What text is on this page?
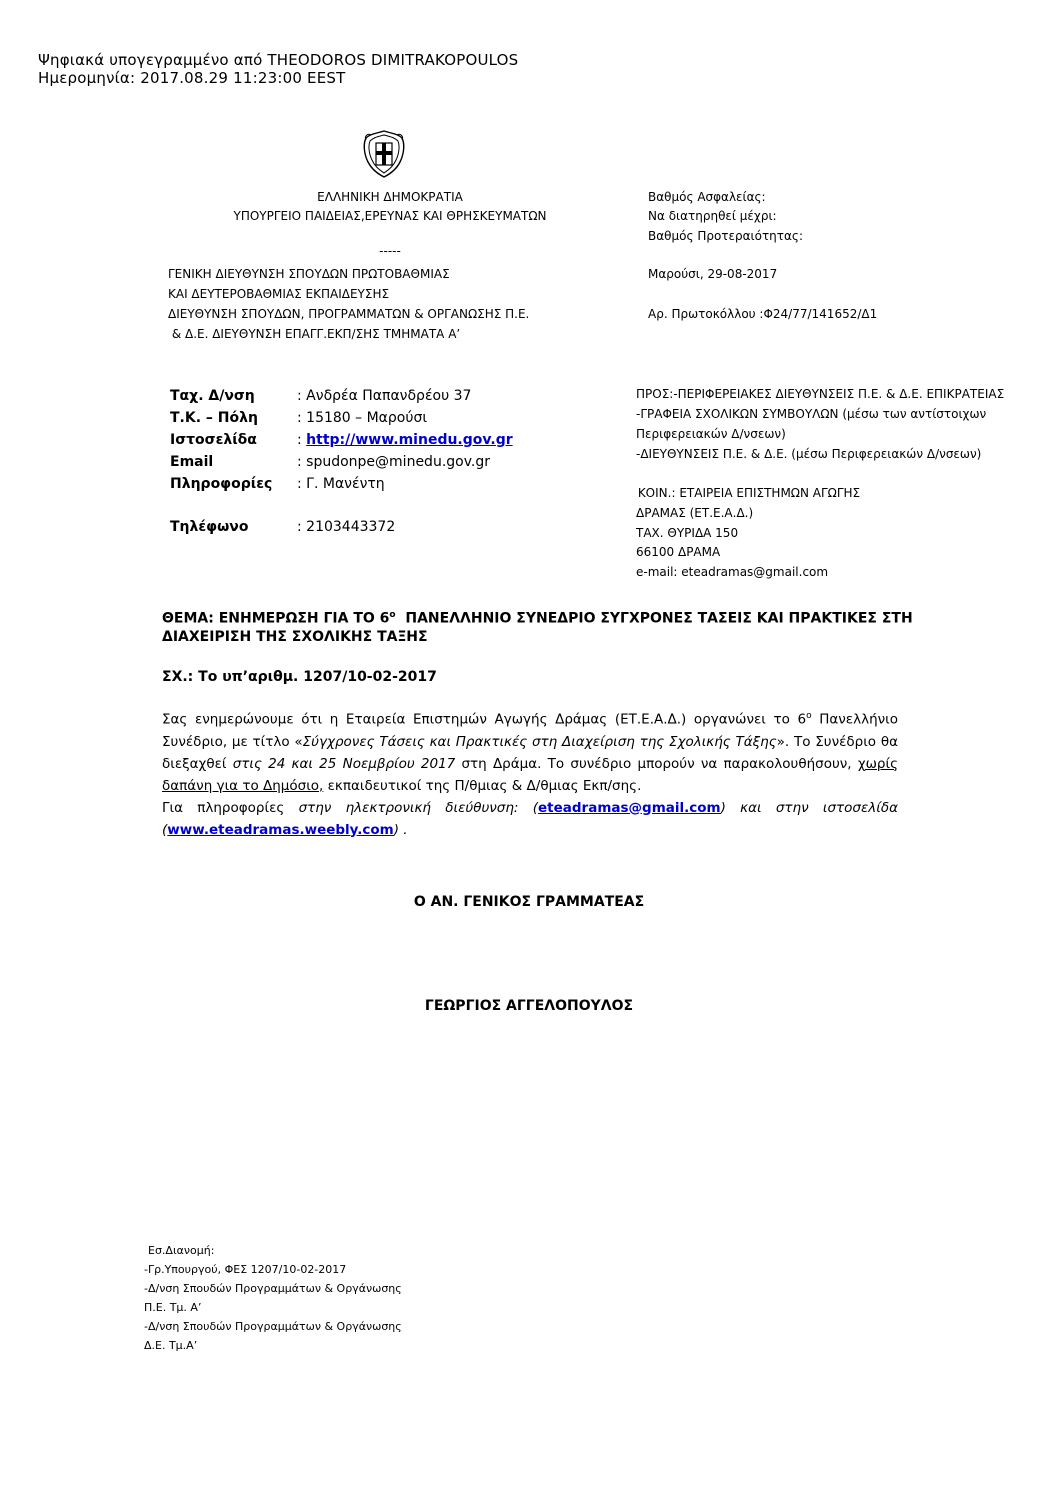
Ψηφιακά υπογεγραμμένο από THEODOROS DIMITRAKOPOULOS
Ημερομηνία: 2017.08.29 11:23:00 EEST
ΕΛΛΗΝΙΚΗ ΔΗΜΟΚΡΑΤΙΑ
ΥΠΟΥΡΓΕΙΟ ΠΑΙΔΕΙΑΣ,ΕΡΕΥΝΑΣ ΚΑΙ ΘΡΗΣΚΕΥΜΑΤΩΝ
-----
ΓΕΝΙΚΗ ΔΙΕΥΘΥΝΣΗ ΣΠΟΥΔΩΝ ΠΡΩΤΟΒΑΘΜΙΑΣ
ΚΑΙ ΔΕΥΤΕΡΟΒΑΘΜΙΑΣ ΕΚΠΑΙΔΕΥΣΗΣ
ΔΙΕΥΘΥΝΣΗ ΣΠΟΥΔΩΝ, ΠΡΟΓΡΑΜΜΑΤΩΝ & ΟΡΓΑΝΩΣΗΣ Π.Ε.
& Δ.Ε. ΔΙΕΥΘΥΝΣΗ ΕΠΑΓΓ.ΕΚΠ/ΣΗΣ ΤΜΗΜΑΤΑ Α’
Βαθμός Ασφαλείας:
Να διατηρηθεί μέχρι:
Βαθμός Προτεραιότητας:
Μαρούσι, 29-08-2017
Αρ. Πρωτοκόλλου :Φ24/77/141652/Δ1
Ταχ. Δ/νση	: Ανδρέα Παπανδρέου 37
Τ.Κ. – Πόλη	: 15180 – Μαρούσι
Ιστοσελίδα	: http://www.minedu.gov.gr
Email	: spudonpe@minedu.gov.gr
Πληροφορίες : Γ. Μανέντη
Τηλέφωνο	: 2103443372
ΠΡΟΣ:-ΠΕΡΙΦΕΡΕΙΑΚΕΣ ΔΙΕΥΘΥΝΣΕΙΣ Π.Ε. & Δ.Ε. ΕΠΙΚΡΑΤΕΙΑΣ
-ΓΡΑΦΕΙΑ ΣΧΟΛΙΚΩΝ ΣΥΜΒΟΥΛΩΝ (μέσω των αντίστοιχων
Περιφερειακών Δ/νσεων)
-ΔΙΕΥΘΥΝΣΕΙΣ Π.Ε. & Δ.Ε. (μέσω Περιφερειακών Δ/νσεων)
ΚΟΙΝ.: ΕΤΑΙΡΕΙΑ ΕΠΙΣΤΗΜΩΝ ΑΓΩΓΗΣ
ΔΡΑΜΑΣ (ΕΤ.Ε.Α.Δ.)
ΤΑΧ. ΘΥΡΙΔΑ 150
66100 ΔΡΑΜΑ
e-mail: eteadramas@gmail.com
ΘΕΜΑ: ΕΝΗΜΕΡΩΣΗ ΓΙΑ ΤΟ $6^o$  ΠΑΝΕΛΛΗΝΙΟ ΣΥΝΕΔΡΙΟ ΣΥΓΧΡΟΝΕΣ ΤΑΣΕΙΣ ΚΑΙ ΠΡΑΚΤΙΚΕΣ ΣΤΗ
ΔΙΑΧΕΙΡΙΣΗ ΤΗΣ ΣΧΟΛΙΚΗΣ ΤΑΞΗΣ
ΣΧ.: Το υπ’αριθμ. 1207/10-02-2017
Σας ενημερώνουμε ότι η Εταιρεία Επιστημών Αγωγής Δράμας (ΕΤ.Ε.Α.Δ.) οργανώνει το $6^o$ Πανελλήνιο Συνέδριο, με τίτλο «Σύγχρονες Τάσεις και Πρακτικές στη Διαχείριση της Σχολικής Τάξης». Το Συνέδριο θα διεξαχθεί στις 24 και 25 Νοεμβρίου 2017 στη Δράμα. Το συνέδριο μπορούν να παρακολουθήσουν, χωρίς δαπάνη για το Δημόσιο, εκπαιδευτικοί της Π/θμιας & Δ/θμιας Εκπ/σης.
Για πληροφορίες στην ηλεκτρονική διεύθυνση: (eteadramas@gmail.com) και στην ιστοσελίδα (www.eteadramas.weebly.com) .
Ο ΑΝ. ΓΕΝΙΚΟΣ ΓΡΑΜΜΑΤΕΑΣ
ΓΕΩΡΓΙΟΣ ΑΓΓΕΛΟΠΟΥΛΟΣ
Εσ.Διανομή:
-Γρ.Υπουργού, ΦΕΣ 1207/10-02-2017
-Δ/νση Σπουδών Προγραμμάτων & Οργάνωσης
Π.Ε. Τμ. Α’
-Δ/νση Σπουδών Προγραμμάτων & Οργάνωσης
Δ.Ε. Τμ.Α’
